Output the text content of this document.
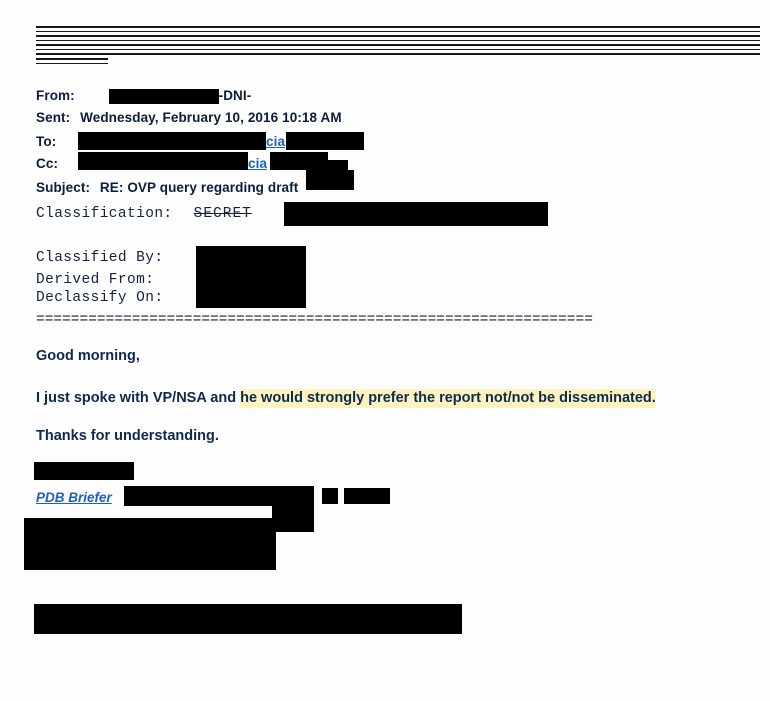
From:	-DNI-
Sent: Wednesday, February 10, 2016 10:18 AM
To:	cia
Cc:	cia
Subject: RE: OVP query regarding draft
Classification: SECRET
Classified By:
Derived From:
Declassify On:
================================================================
Good morning,
I just spoke with VP/NSA and he would strongly prefer the report not/not be disseminated.
Thanks for understanding.
PDB Briefer
